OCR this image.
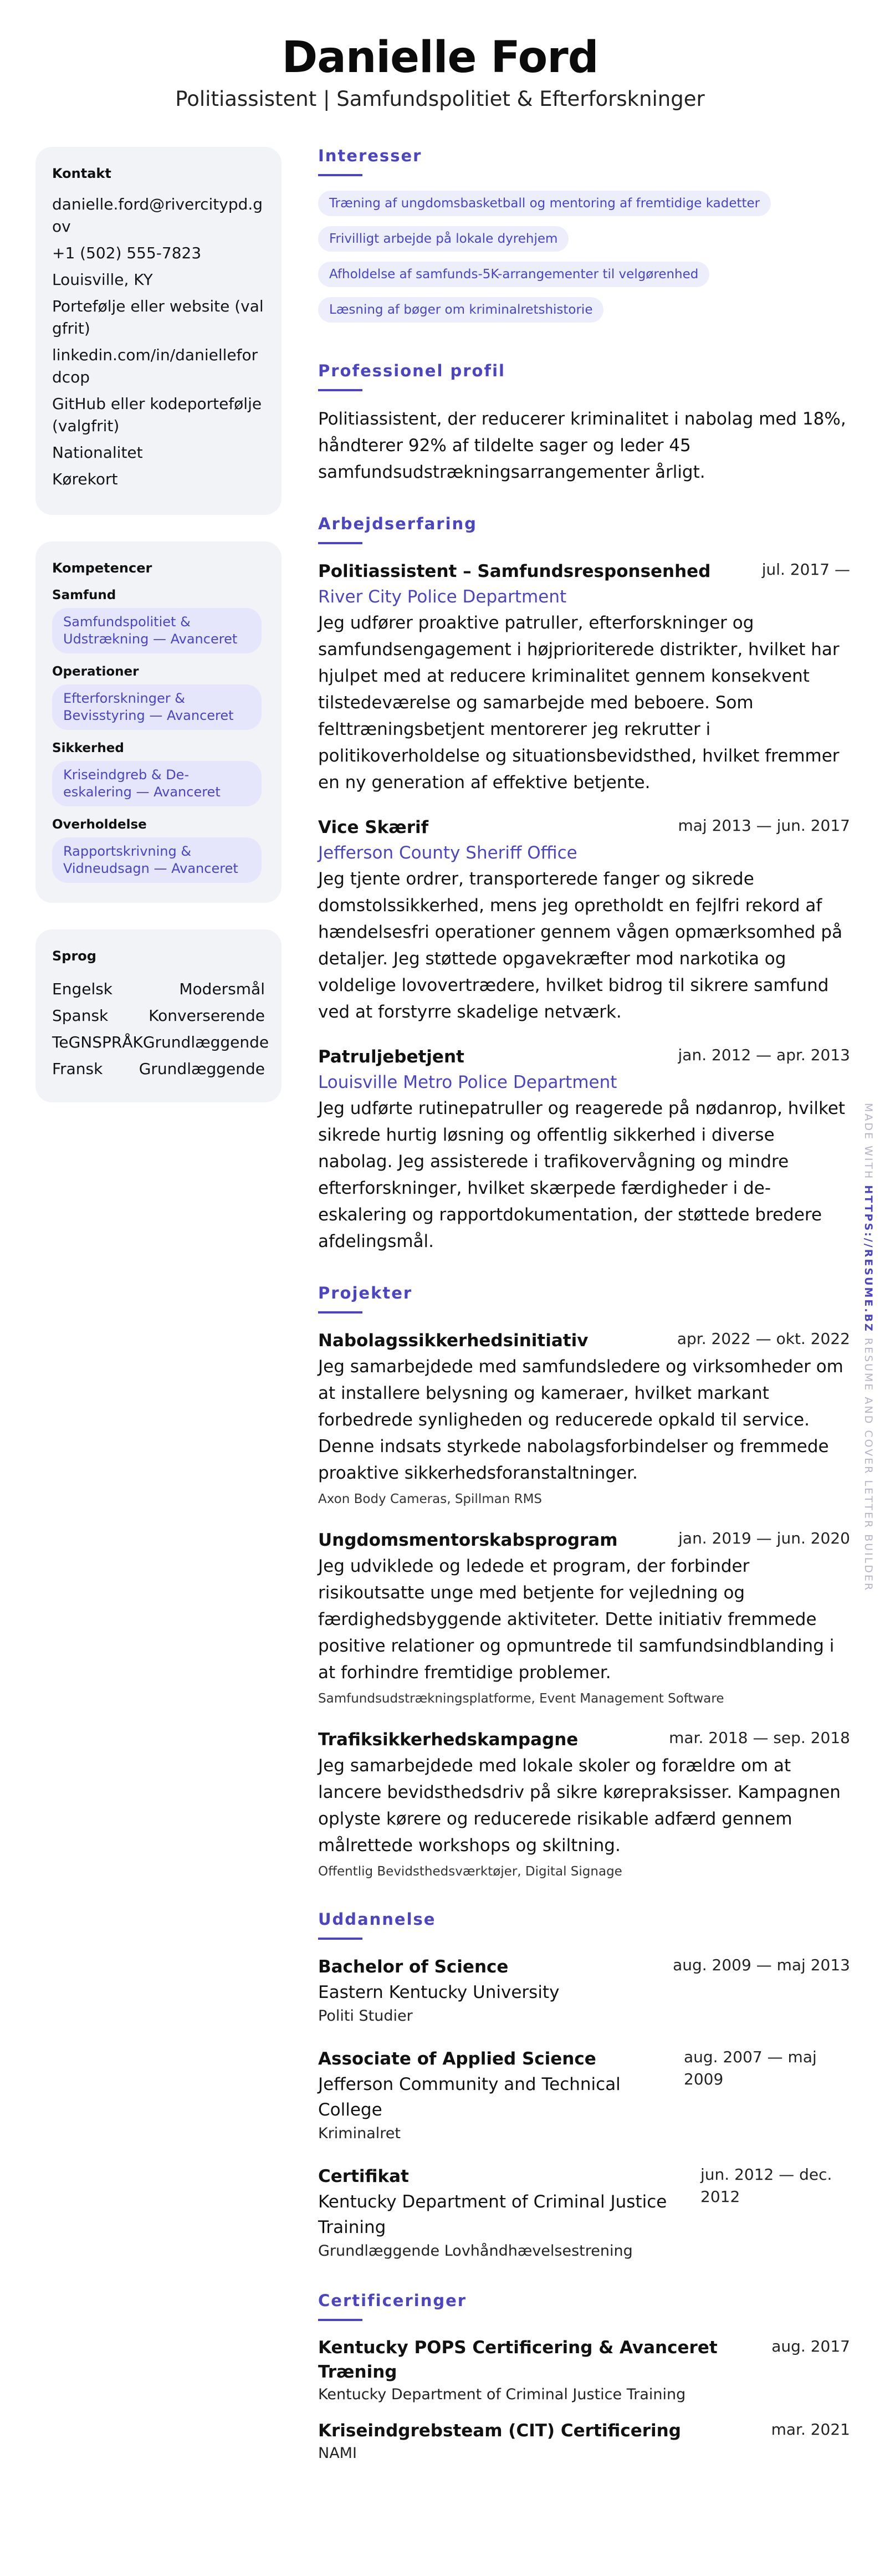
Danielle Ford
Politiassistent | Samfundspolitiet & Efterforskninger
Kontakt
danielle.ford@rivercitypd.gov
+1 (502) 555-7823
Louisville, KY
Portefølje eller website (valgfrit)
linkedin.com/in/daniellefordcop
GitHub eller kodeportefølje (valgfrit)
Nationalitet
Kørekort
Kompetencer
Samfund
Samfundspolitiet & Udstrækning — Avanceret
Operationer
Efterforskninger & Bevisstyring — Avanceret
Sikkerhed
Kriseindgreb & De-eskalering — Avanceret
Overholdelse
Rapportskrivning & Vidneudsagn — Avanceret
Sprog
Engelsk	Modersmål
Spansk	Konverserende
TeGNSPRÅK Grundlæggende
Fransk Grundlæggende
Interesser
Træning af ungdomsbasketball og mentoring af fremtidige kadetter
Frivilligt arbejde på lokale dyrehjem
Afholdelse af samfunds-5K-arrangementer til velgørenhed
Læsning af bøger om kriminalretshistorie
Professionel profil
Politiassistent, der reducerer kriminalitet i nabolag med 18%, håndterer 92% af tildelte sager og leder 45 samfundsudstrækningsarrangementer årligt.
Arbejdserfaring
Politiassistent – Samfundsresponsenhed	jul. 2017 —
River City Police Department
Jeg udfører proaktive patruller, efterforskninger og samfundsengagement i højprioriterede distrikter, hvilket har hjulpet med at reducere kriminalitet gennem konsekvent tilstedeværelse og samarbejde med beboere. Som felttræningsbetjent mentorerer jeg rekrutter i politikoverholdelse og situationsbevidsthed, hvilket fremmer en ny generation af effektive betjente.
Vice Skærif	maj 2013 — jun. 2017
Jefferson County Sheriff Office
Jeg tjente ordrer, transporterede fanger og sikrede domstolssikkerhed, mens jeg opretholdt en fejlfri rekord af hændelsesfri operationer gennem vågen opmærksomhed på detaljer. Jeg støttede opgavekræfter mod narkotika og voldelige lovovertrædere, hvilket bidrog til sikrere samfund ved at forstyrre skadelige netværk.
Patruljebetjent	jan. 2012 — apr. 2013
Louisville Metro Police Department
Jeg udførte rutinepatruller og reagerede på nødanrop, hvilket sikrede hurtig løsning og offentlig sikkerhed i diverse nabolag. Jeg assisterede i trafikovervågning og mindre efterforskninger, hvilket skærpede færdigheder i de-eskalering og rapportdokumentation, der støttede bredere afdelingsmål.
Projekter
Nabolagssikkerhedsinitiativ	apr. 2022 — okt. 2022
Jeg samarbejdede med samfundsledere og virksomheder om at installere belysning og kameraer, hvilket markant forbedrede synligheden og reducerede opkald til service. Denne indsats styrkede nabolagsforbindelser og fremmede proaktive sikkerhedsforanstaltninger.
Axon Body Cameras, Spillman RMS
Ungdomsmentorskabsprogram	jan. 2019 — jun. 2020
Jeg udviklede og ledede et program, der forbinder risikoutsatte unge med betjente for vejledning og færdighedsbyggende aktiviteter. Dette initiativ fremmede positive relationer og opmuntrede til samfundsindblanding i at forhindre fremtidige problemer.
Samfundsudstrækningsplatforme, Event Management Software
Trafiksikkerhedskampagne	mar. 2018 — sep. 2018
Jeg samarbejdede med lokale skoler og forældre om at lancere bevidsthedsdriv på sikre kørepraksisser. Kampagnen oplyste kørere og reducerede risikable adfærd gennem målrettede workshops og skiltning.
Offentlig Bevidsthedsværktøjer, Digital Signage
Uddannelse
Bachelor of Science
Eastern Kentucky University
Politi Studier
aug. 2009 — maj 2013
Associate of Applied Science
Jefferson Community and Technical College
Kriminalret
aug. 2007 — maj 2009
Certifikat
Kentucky Department of Criminal Justice Training
Grundlæggende Lovhåndhævelsestrening
jun. 2012 — dec. 2012
Certificeringer
Kentucky POPS Certificering & Avanceret Træning
aug. 2017
Kentucky Department of Criminal Justice Training
Kriseindgrebsteam (CIT) Certificering	mar. 2021
NAMI
MADE WITH HTTPS://RESUME.BZ RESUME AND COVER LETTER BUILDER
